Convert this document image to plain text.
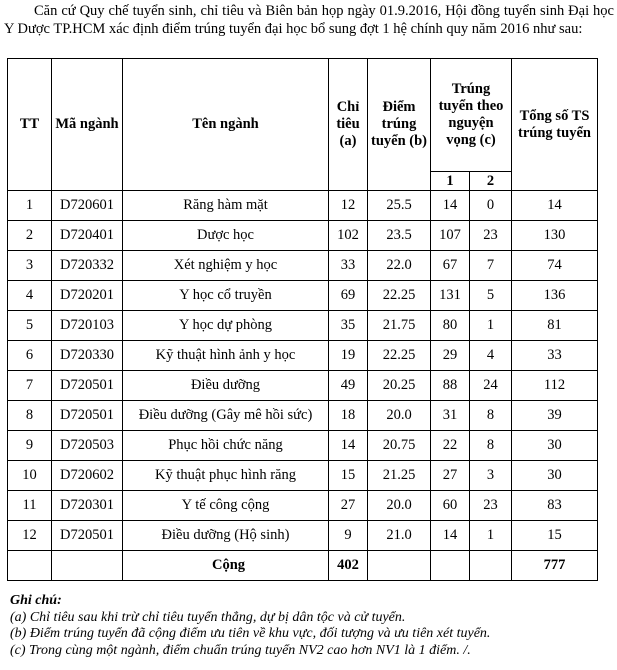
Căn cứ Quy chế tuyển sinh, chỉ tiêu và Biên bản họp ngày 01.9.2016, Hội đồng tuyển sinh Đại học Y Dược TP.HCM xác định điểm trúng tuyển đại học bổ sung đợt 1 hệ chính quy năm 2016 như sau:

TT	Mã ngành	Tên ngành	Chỉ tiêu (a)	Điểm trúng tuyển (b)	Trúng tuyển theo nguyện vọng (c)		Tổng số TS trúng tuyển
					1	2	
1	D720601	Răng hàm mặt	12	25.5	14	0	14
2	D720401	Dược học	102	23.5	107	23	130
3	D720332	Xét nghiệm y học	33	22.0	67	7	74
4	D720201	Y học cổ truyền	69	22.25	131	5	136
5	D720103	Y học dự phòng	35	21.75	80	1	81
6	D720330	Kỹ thuật hình ảnh y học	19	22.25	29	4	33
7	D720501	Điều dưỡng	49	20.25	88	24	112
8	D720501	Điều dưỡng (Gây mê hồi sức)	18	20.0	31	8	39
9	D720503	Phục hồi chức năng	14	20.75	22	8	30
10	D720602	Kỹ thuật phục hình răng	15	21.25	27	3	30
11	D720301	Y tế công cộng	27	20.0	60	23	83
12	D720501	Điều dưỡng (Hộ sinh)	9	21.0	14	1	15
		Cộng	402				777
Ghi chú:
(a) Chỉ tiêu sau khi trừ chỉ tiêu tuyển thẳng, dự bị dân tộc và cử tuyển.
(b) Điểm trúng tuyển đã cộng điểm ưu tiên về khu vực, đối tượng và ưu tiên xét tuyển.
(c) Trong cùng một ngành, điểm chuẩn trúng tuyển NV2 cao hơn NV1 là 1 điểm. /.
